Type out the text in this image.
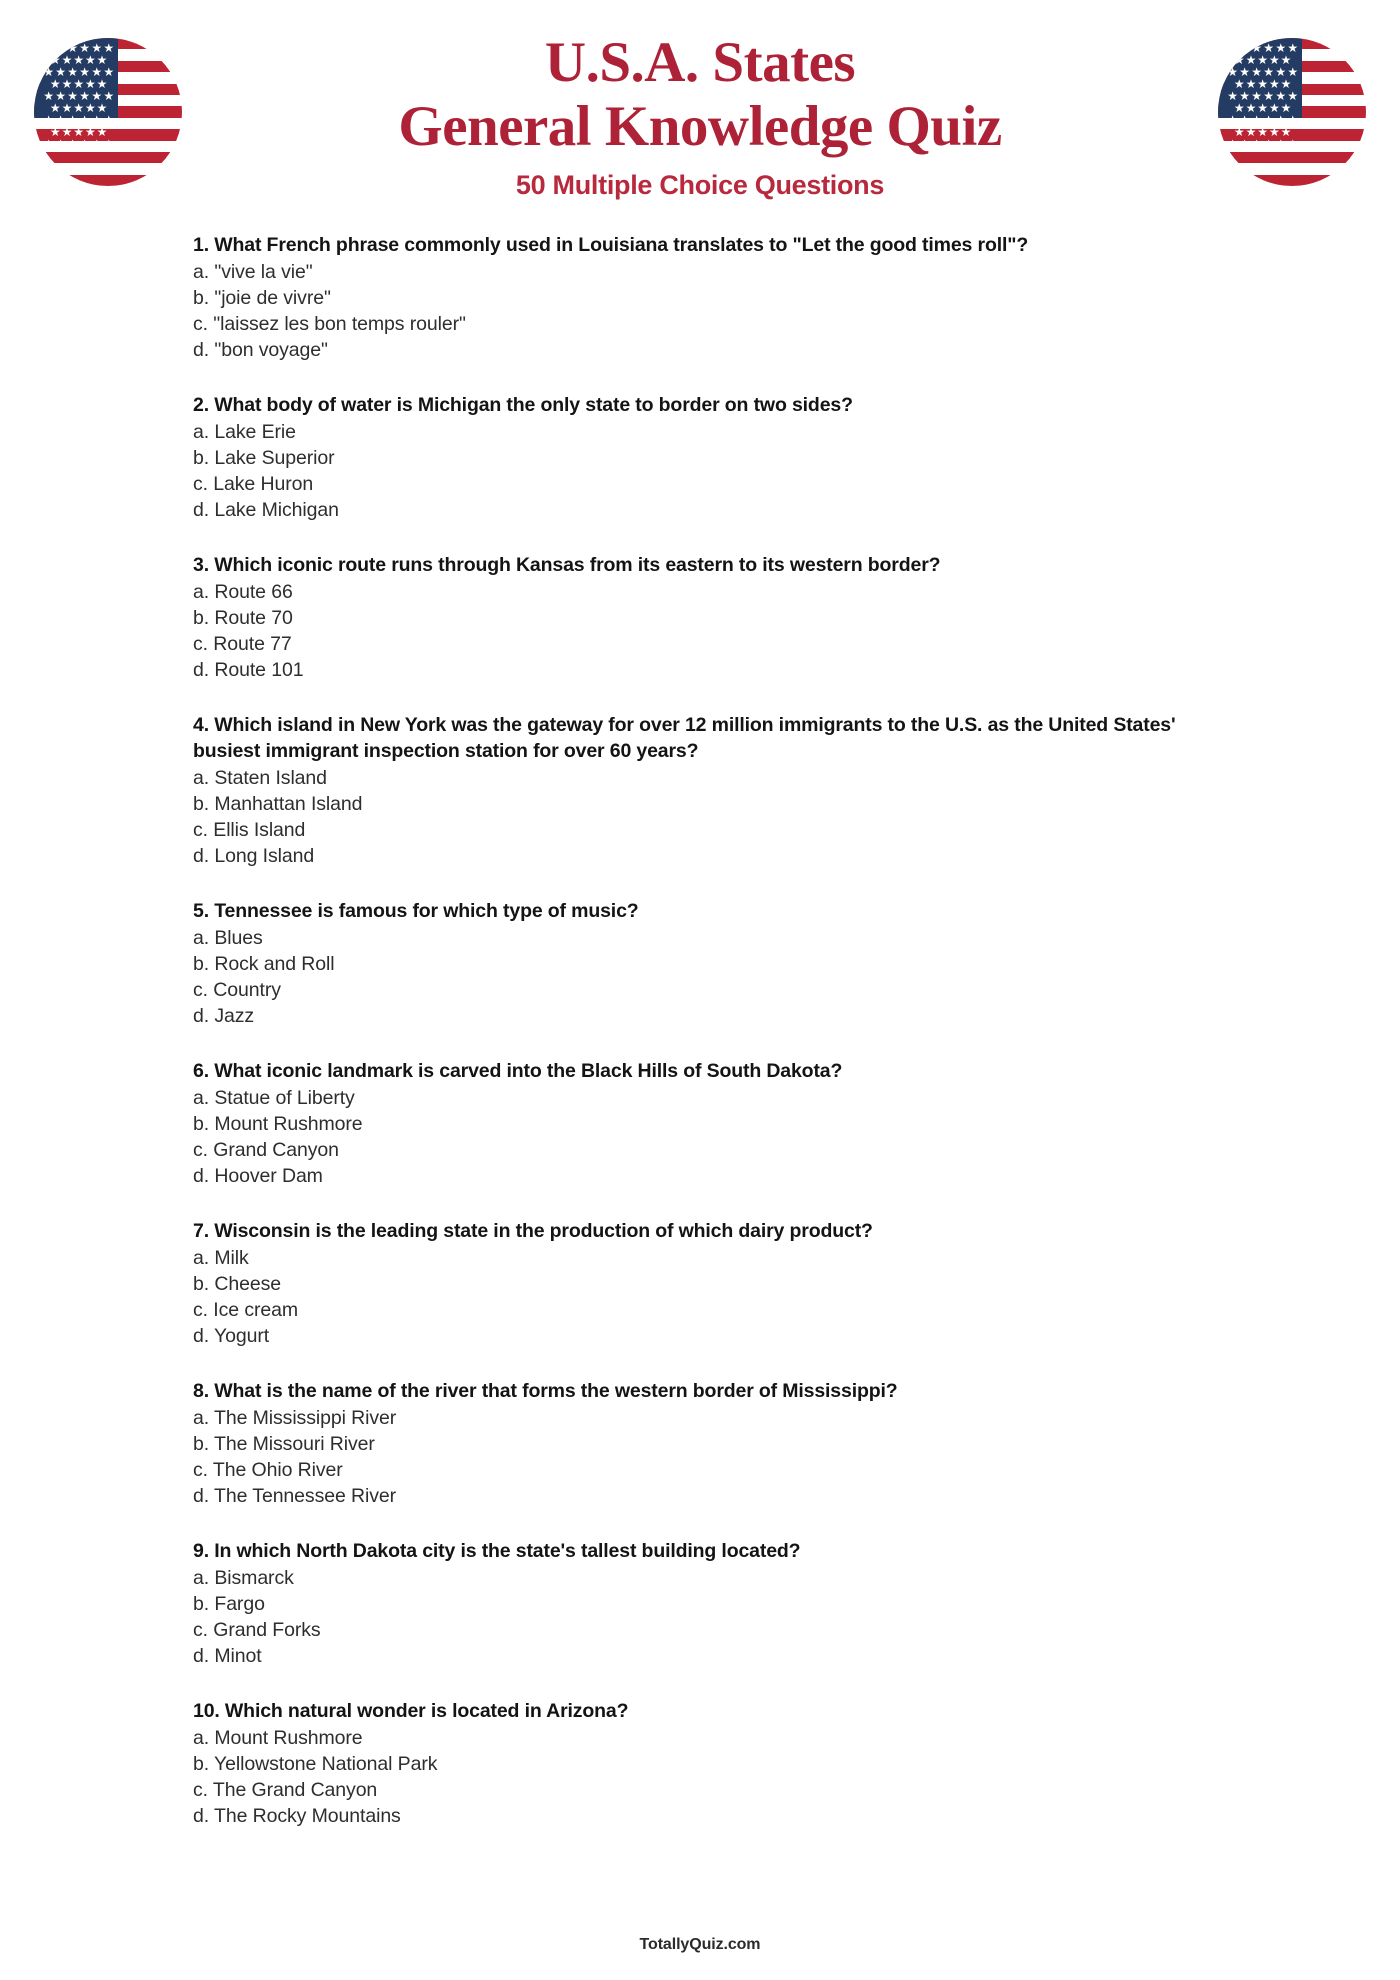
★ ★ ★ ★ ★ ★
★ ★ ★ ★ ★
★ ★ ★ ★ ★ ★
★ ★ ★ ★ ★
★ ★ ★ ★ ★ ★
★ ★ ★ ★ ★
★ ★ ★ ★ ★ ★
★ ★ ★ ★ ★
★ ★ ★ ★ ★ ★
U.S.A. States
General Knowledge Quiz
50 Multiple Choice Questions
★ ★ ★ ★ ★ ★
★ ★ ★ ★ ★
★ ★ ★ ★ ★ ★
★ ★ ★ ★ ★
★ ★ ★ ★ ★ ★
★ ★ ★ ★ ★
★ ★ ★ ★ ★ ★
★ ★ ★ ★ ★
★ ★ ★ ★ ★ ★
1. What French phrase commonly used in Louisiana translates to "Let the good times roll"?
a. "vive la vie"
b. "joie de vivre"
c. "laissez les bon temps rouler"
d. "bon voyage"
2. What body of water is Michigan the only state to border on two sides?
a. Lake Erie
b. Lake Superior
c. Lake Huron
d. Lake Michigan
3. Which iconic route runs through Kansas from its eastern to its western border?
a. Route 66
b. Route 70
c. Route 77
d. Route 101
4. Which island in New York was the gateway for over 12 million immigrants to the U.S. as the United States' busiest immigrant inspection station for over 60 years?
a. Staten Island
b. Manhattan Island
c. Ellis Island
d. Long Island
5. Tennessee is famous for which type of music?
a. Blues
b. Rock and Roll
c. Country
d. Jazz
6. What iconic landmark is carved into the Black Hills of South Dakota?
a. Statue of Liberty
b. Mount Rushmore
c. Grand Canyon
d. Hoover Dam
7. Wisconsin is the leading state in the production of which dairy product?
a. Milk
b. Cheese
c. Ice cream
d. Yogurt
8. What is the name of the river that forms the western border of Mississippi?
a. The Mississippi River
b. The Missouri River
c. The Ohio River
d. The Tennessee River
9. In which North Dakota city is the state's tallest building located?
a. Bismarck
b. Fargo
c. Grand Forks
d. Minot
10. Which natural wonder is located in Arizona?
a. Mount Rushmore
b. Yellowstone National Park
c. The Grand Canyon
d. The Rocky Mountains
TotallyQuiz.com
